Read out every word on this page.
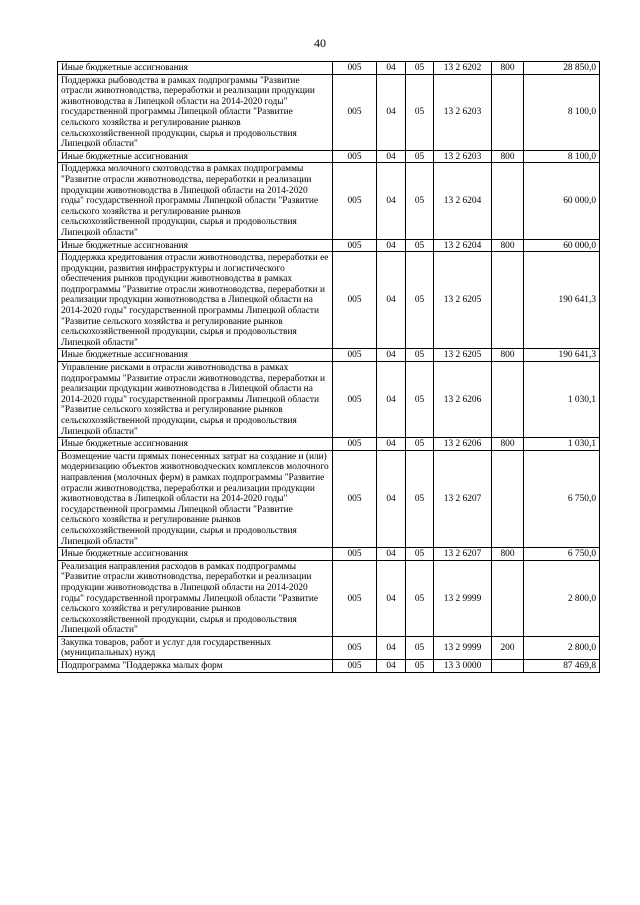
40
Иные бюджетные ассигнования	005	04	05	13 2 6202	800	28 850,0
Поддержка рыбоводства в рамках подпрограммы "Развитие отрасли животноводства, переработки и реализации продукции животноводства в Липецкой области на 2014-2020 годы" государственной программы Липецкой области "Развитие сельского хозяйства и регулирование рынков сельскохозяйственной продукции, сырья и продовольствия Липецкой области"	005	04	05	13 2 6203		8 100,0
Иные бюджетные ассигнования	005	04	05	13 2 6203	800	8 100,0
Поддержка молочного скотоводства в рамках подпрограммы "Развитие отрасли животноводства, переработки и реализации продукции животноводства в Липецкой области на 2014-2020 годы" государственной программы Липецкой области "Развитие сельского хозяйства и регулирование рынков сельскохозяйственной продукции, сырья и продовольствия Липецкой области"	005	04	05	13 2 6204		60 000,0
Иные бюджетные ассигнования	005	04	05	13 2 6204	800	60 000,0
Поддержка кредитования отрасли животноводства, переработки ее продукции, развития инфраструктуры и логистического обеспечения рынков продукции животноводства в рамках подпрограммы "Развитие отрасли животноводства, переработки и реализации продукции животноводства в Липецкой области на 2014-2020 годы" государственной программы Липецкой области "Развитие сельского хозяйства и регулирование рынков сельскохозяйственной продукции, сырья и продовольствия Липецкой области"	005	04	05	13 2 6205		190 641,3
Иные бюджетные ассигнования	005	04	05	13 2 6205	800	190 641,3
Управление рисками в отрасли животноводства в рамках подпрограммы "Развитие отрасли животноводства, переработки и реализации продукции животноводства в Липецкой области на 2014-2020 годы" государственной программы Липецкой области "Развитие сельского хозяйства и регулирование рынков сельскохозяйственной продукции, сырья и продовольствия Липецкой области"	005	04	05	13 2 6206		1 030,1
Иные бюджетные ассигнования	005	04	05	13 2 6206	800	1 030,1
Возмещение части прямых понесенных затрат на создание и (или) модернизацию объектов животноводческих комплексов молочного направления (молочных ферм) в рамках подпрограммы "Развитие отрасли животноводства, переработки и реализации продукции животноводства в Липецкой области на 2014-2020 годы" государственной программы Липецкой области "Развитие сельского хозяйства и регулирование рынков сельскохозяйственной продукции, сырья и продовольствия Липецкой области"	005	04	05	13 2 6207		6 750,0
Иные бюджетные ассигнования	005	04	05	13 2 6207	800	6 750,0
Реализация направления расходов в рамках подпрограммы "Развитие отрасли животноводства, переработки и реализации продукции животноводства в Липецкой области на 2014-2020 годы" государственной программы Липецкой области "Развитие сельского хозяйства и регулирование рынков сельскохозяйственной продукции, сырья и продовольствия Липецкой области"	005	04	05	13 2 9999		2 800,0
Закупка товаров, работ и услуг для государственных (муниципальных) нужд	005	04	05	13 2 9999	200	2 800,0
Подпрограмма "Поддержка малых форм	005	04	05	13 3 0000		87 469,8
